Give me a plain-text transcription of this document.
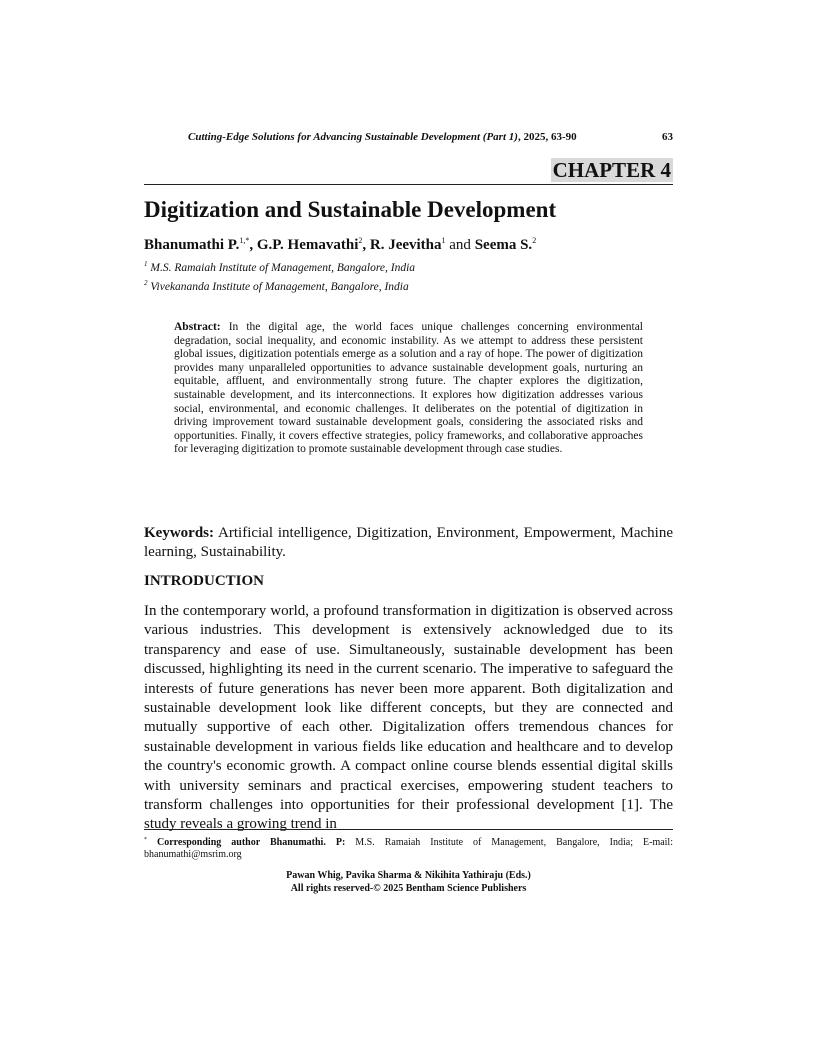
Cutting-Edge Solutions for Advancing Sustainable Development (Part 1), 2025, 63-90	63
CHAPTER 4
Digitization and Sustainable Development
Bhanumathi P.$^{1,*}$, G.P. Hemavathi$^2$, R. Jeevitha$^1$ and Seema S.$^2$
$^1$ M.S. Ramaiah Institute of Management, Bangalore, India
$^2$ Vivekananda Institute of Management, Bangalore, India
Abstract: In the digital age, the world faces unique challenges concerning environmental degradation, social inequality, and economic instability. As we attempt to address these persistent global issues, digitization potentials emerge as a solution and a ray of hope. The power of digitization provides many unparalleled opportunities to advance sustainable development goals, nurturing an equitable, affluent, and environmentally strong future. The chapter explores the digitization, sustainable development, and its interconnections. It explores how digitization addresses various social, environmental, and economic challenges. It deliberates on the potential of digitization in driving improvement toward sustainable development goals, considering the associated risks and opportunities. Finally, it covers effective strategies, policy frameworks, and collaborative approaches for leveraging digitization to promote sustainable development through case studies.
Keywords: Artificial intelligence, Digitization, Environment, Empowerment, Machine learning, Sustainability.
INTRODUCTION
In the contemporary world, a profound transformation in digitization is observed across various industries. This development is extensively acknowledged due to its transparency and ease of use. Simultaneously, sustainable development has been discussed, highlighting its need in the current scenario. The imperative to safeguard the interests of future generations has never been more apparent. Both digitalization and sustainable development look like different concepts, but they are connected and mutually supportive of each other. Digitalization offers tremendous chances for sustainable development in various fields like education and healthcare and to develop the country's economic growth. A compact online course blends essential digital skills with university seminars and practical exercises, empowering student teachers to transform challenges into opportunities for their professional development [1]. The study reveals a growing trend in
* Corresponding author Bhanumathi. P: M.S. Ramaiah Institute of Management, Bangalore, India; E-mail: bhanumathi@msrim.org
Pawan Whig, Pavika Sharma & Nikihita Yathiraju (Eds.)
All rights reserved-© 2025 Bentham Science Publishers
